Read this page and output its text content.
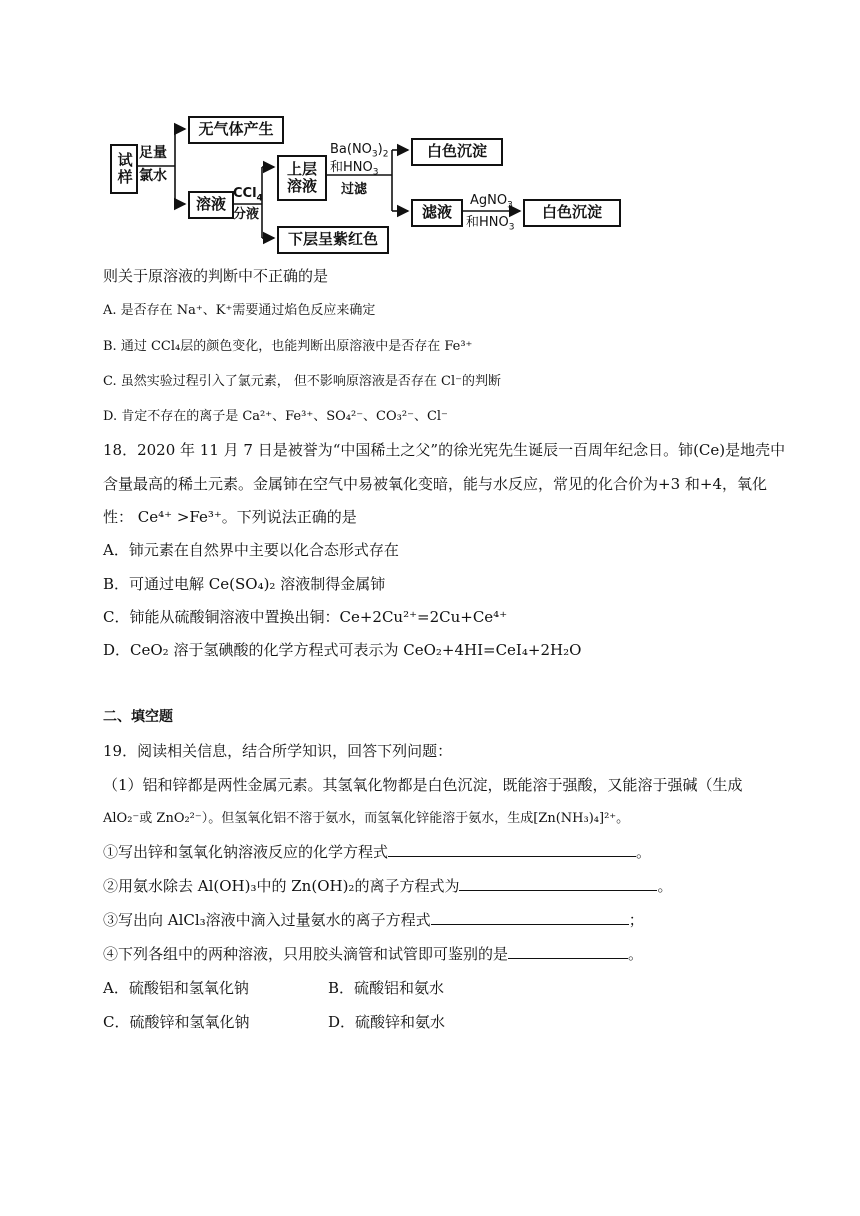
试样 足量
氯水
无气体产生
溶液
CCl$_4$
分液
上层
溶液
下层呈紫红色
$Ba(NO_3)_2$
和$HNO_3$
过滤
白色沉淀
滤液
AgNO$_3$
和$HNO_3$
白色沉淀
则关于原溶液的判断中不正确的是
A. 是否存在 Na⁺、K⁺需要通过焰色反应来确定
B. 通过 CCl₄层的颜色变化，也能判断出原溶液中是否存在 Fe³⁺
C. 虽然实验过程引入了氯元素， 但不影响原溶液是否存在 Cl⁻的判断
D. 肯定不存在的离子是 Ca²⁺、Fe³⁺、SO₄²⁻、CO₃²⁻、Cl⁻
18．2020 年 11 月 7 日是被誉为“中国稀土之父”的徐光宪先生诞辰一百周年纪念日。铈(Ce)是地壳中
含量最高的稀土元素。金属铈在空气中易被氧化变暗，能与水反应，常见的化合价为+3 和+4，氧化
性： Ce⁴⁺ >Fe³⁺。下列说法正确的是
A．铈元素在自然界中主要以化合态形式存在
B．可通过电解 Ce(SO₄)₂ 溶液制得金属铈
C．铈能从硫酸铜溶液中置换出铜：Ce+2Cu²⁺=2Cu+Ce⁴⁺
D．CeO₂ 溶于氢碘酸的化学方程式可表示为 CeO₂+4HI=CeI₄+2H₂O
二、填空题
19．阅读相关信息，结合所学知识，回答下列问题：
（1）铝和锌都是两性金属元素。其氢氧化物都是白色沉淀，既能溶于强酸，又能溶于强碱（生成
AlO₂⁻或 ZnO₂²⁻）。但氢氧化铝不溶于氨水，而氢氧化锌能溶于氨水，生成[Zn(NH₃)₄]²⁺。
①写出锌和氢氧化钠溶液反应的化学方程式	。
②用氨水除去 Al(OH)₃中的 Zn(OH)₂的离子方程式为	。
③写出向 AlCl₃溶液中滴入过量氨水的离子方程式	；
④下列各组中的两种溶液，只用胶头滴管和试管即可鉴别的是	。
A．硫酸铝和氢氧化钠	B．硫酸铝和氨水
C．硫酸锌和氢氧化钠	D．硫酸锌和氨水
